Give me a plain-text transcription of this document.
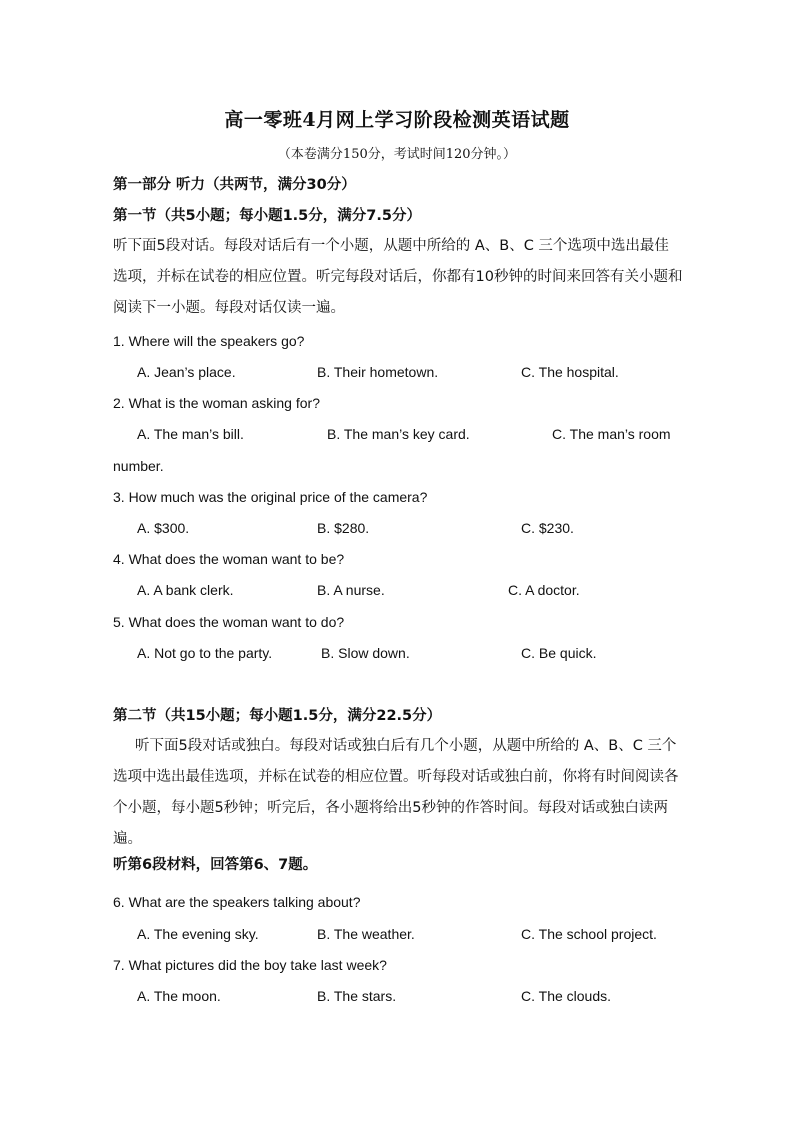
高一零班4月网上学习阶段检测英语试题
（本卷满分150分，考试时间120分钟。）
第一部分 听力（共两节，满分30分）
第一节（共5小题；每小题1.5分，满分7.5分）
听下面5段对话。每段对话后有一个小题，从题中所给的 A、B、C 三个选项中选出最佳选项，并标在试卷的相应位置。听完每段对话后，你都有10秒钟的时间来回答有关小题和阅读下一小题。每段对话仅读一遍。
1. Where will the speakers go?
A. Jean’s place.	B. Their hometown.	C. The hospital.
2. What is the woman asking for?
A. The man’s bill.	B. The man’s key card.	C. The man’s room
number.
3. How much was the original price of the camera?
A. $300.	B. $280.	C. $230.
4. What does the woman want to be?
A. A bank clerk.	B. A nurse.	C. A doctor.
5. What does the woman want to do?
A. Not go to the party.	B. Slow down.	C. Be quick.
第二节（共15小题；每小题1.5分，满分22.5分）
听下面5段对话或独白。每段对话或独白后有几个小题，从题中所给的 A、B、C 三个选项中选出最佳选项，并标在试卷的相应位置。听每段对话或独白前，你将有时间阅读各个小题，每小题5秒钟；听完后，各小题将给出5秒钟的作答时间。每段对话或独白读两遍。
听第6段材料，回答第6、7题。
6. What are the speakers talking about?
A. The evening sky.	B. The weather.	C. The school project.
7. What pictures did the boy take last week?
A. The moon.	B. The stars.	C. The clouds.
